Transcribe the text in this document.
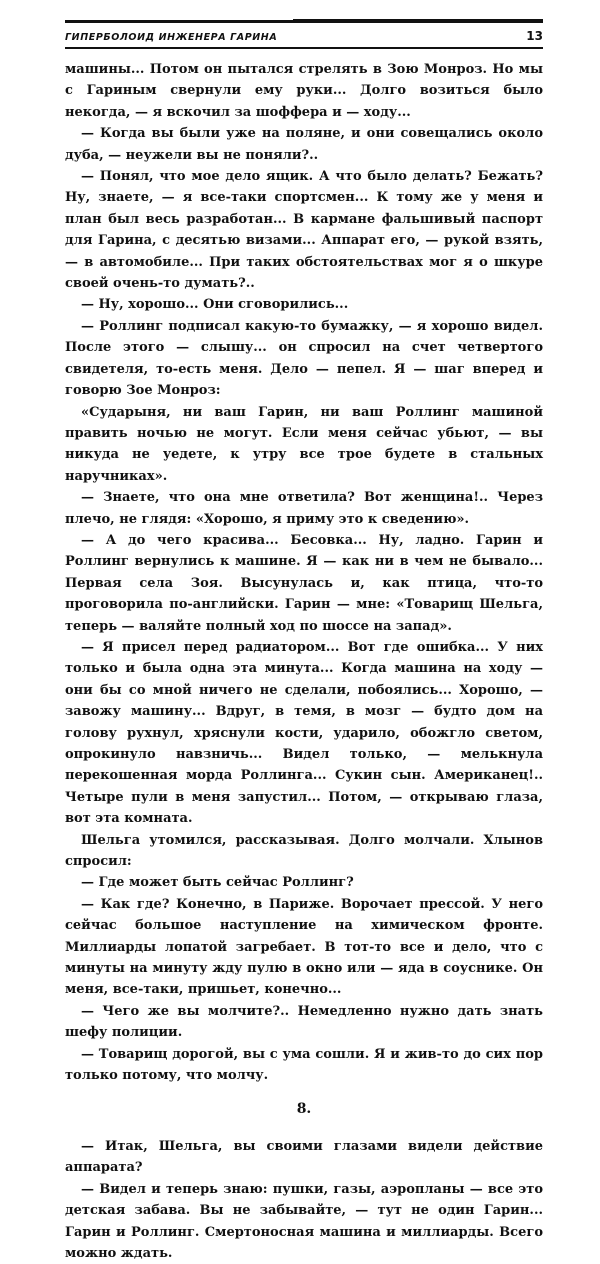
ГИПЕРБОЛОИД ИНЖЕНЕРА ГАРИНА	13

машины... Потом он пытался стрелять в Зою Монроз. Но мы с Гариным свернули ему руки... Долго возиться было некогда, — я вскочил за шоффера и — ходу...

— Когда вы были уже на поляне, и они совещались около дуба, — неужели вы не поняли?..

— Понял, что мое дело ящик. А что было делать? Бежать? Ну, знаете, — я все-таки спортсмен... К тому же у меня и план был весь разработан... В кармане фальшивый паспорт для Гарина, с десятью визами... Аппарат его, — рукой взять, — в автомобиле... При таких обстоятельствах мог я о шкуре своей очень-то думать?..

— Ну, хорошо... Они сговорились...

— Роллинг подписал какую-то бумажку, — я хорошо видел. После этого — слышу... он спросил на счет четвертого свидетеля, то-есть меня. Дело — пепел. Я — шаг вперед и говорю Зое Монроз:

«Сударыня, ни ваш Гарин, ни ваш Роллинг машиной править ночью не могут. Если меня сейчас убьют, — вы никуда не уедете, к утру все трое будете в стальных наручниках».

— Знаете, что она мне ответила? Вот женщина!.. Через плечо, не глядя: «Хорошо, я приму это к сведению».

— А до чего красива... Бесовка... Ну, ладно. Гарин и Роллинг вернулись к машине. Я — как ни в чем не бывало... Первая села Зоя. Высунулась и, как птица, что-то проговорила по-английски. Гарин — мне: «Товарищ Шельга, теперь — валяйте полный ход по шоссе на запад».

— Я присел перед радиатором... Вот где ошибка... У них только и была одна эта минута... Когда машина на ходу — они бы со мной ничего не сделали, побоялись... Хорошо, — завожу машину... Вдруг, в темя, в мозг — будто дом на голову рухнул, хряснули кости, ударило, обожгло светом, опрокинуло навзничь... Видел только, — мелькнула перекошенная морда Роллинга... Сукин сын. Американец!.. Четыре пули в меня запустил... Потом, — открываю глаза, вот эта комната.

Шельга утомился, рассказывая. Долго молчали. Хлынов спросил:

— Где может быть сейчас Роллинг?

— Как где? Конечно, в Париже. Ворочает прессой. У него сейчас большое наступление на химическом фронте. Миллиарды лопатой загребает. В тот-то все и дело, что с минуты на минуту жду пулю в окно или — яда в соуснике. Он меня, все-таки, пришьет, конечно...

— Чего же вы молчите?.. Немедленно нужно дать знать шефу полиции.

— Товарищ дорогой, вы с ума сошли. Я и жив-то до сих пор только потому, что молчу.

8.

— Итак, Шельга, вы своими глазами видели действие аппарата?

— Видел и теперь знаю: пушки, газы, аэропланы — все это детская забава. Вы не забывайте, — тут не один Гарин... Гарин и Роллинг. Смертоносная машина и миллиарды. Всего можно ждать.
